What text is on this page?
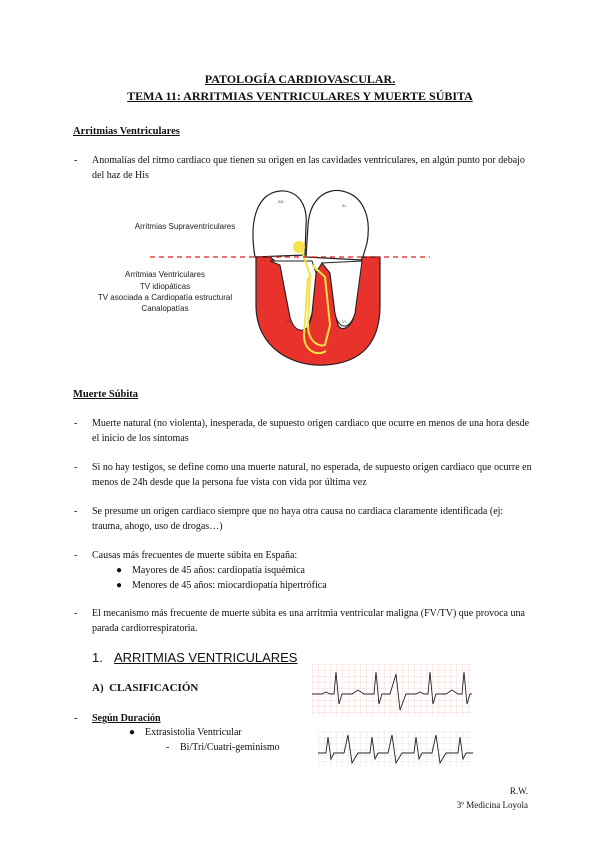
PATOLOGÍA CARDIOVASCULAR.
TEMA 11: ARRITMIAS VENTRICULARES Y MUERTE SÚBITA
Arritmias Ventriculares
- Anomalías del ritmo cardiaco que tienen su origen en las cavidades ventriculares, en algún punto por debajo del haz de His
Arritmias Supraventriculares
Arritmias Ventriculares
TV idiopáticas
TV asociada a Cardiopatía estructural
Canalopatías
AD
AI
VD	VI
Muerte Súbita
- Muerte natural (no violenta), inesperada, de supuesto origen cardiaco que ocurre en menos de una hora desde el inicio de los síntomas
- Si no hay testigos, se define como una muerte natural, no esperada, de supuesto origen cardiaco que ocurre en menos de 24h desde que la persona fue vista con vida por última vez
- Se presume un origen cardiaco siempre que no haya otra causa no cardiaca claramente identificada (ej: trauma, ahogo, uso de drogas…)
- Causas más frecuentes de muerte súbita en España:
● Mayores de 45 años: cardiopatía isquémica
● Menores de 45 años: miocardiopatía hipertrófica
- El mecanismo más frecuente de muerte súbita es una arritmia ventricular maligna (FV/TV) que provoca una parada cardiorrespiratoria.
1. ARRITMIAS VENTRICULARES
A)  CLASIFICACIÓN
- Según Duración
● Extrasistolia Ventricular
- Bi/Tri/Cuatri-geminismo
R.W.
3º Medicina Loyola
